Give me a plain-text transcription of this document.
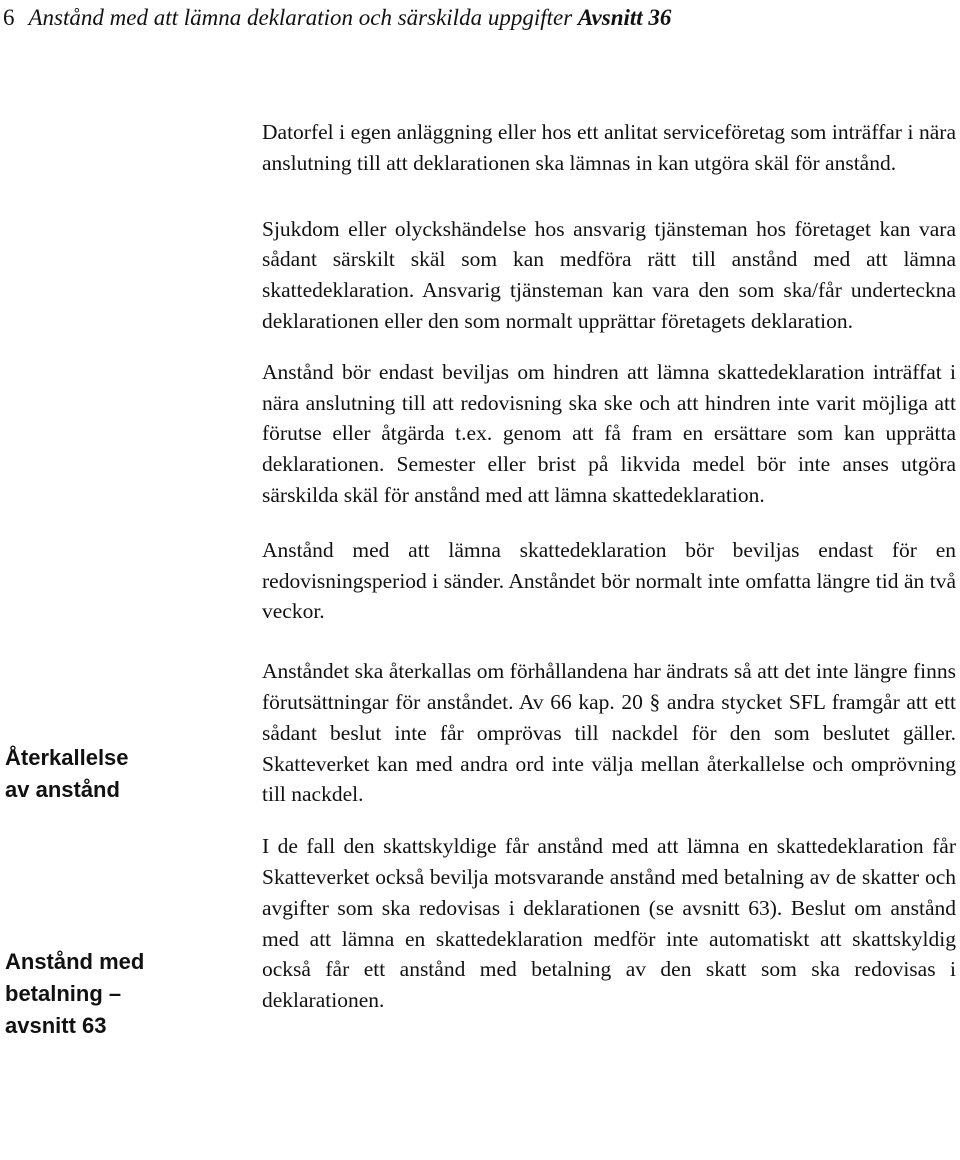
6 Anstånd med att lämna deklaration och särskilda uppgifter Avsnitt 36
Återkallelse
av anstånd
Anstånd med
betalning –
avsnitt 63

Datorfel i egen anläggning eller hos ett anlitat serviceföretag som inträffar i nära anslutning till att deklarationen ska lämnas in kan utgöra skäl för anstånd.

Sjukdom eller olyckshändelse hos ansvarig tjänsteman hos företaget kan vara sådant särskilt skäl som kan medföra rätt till anstånd med att lämna skattedeklaration. Ansvarig tjänsteman kan vara den som ska/får underteckna deklarationen eller den som normalt upprättar företagets deklaration.

Anstånd bör endast beviljas om hindren att lämna skattedeklaration inträffat i nära anslutning till att redovisning ska ske och att hindren inte varit möjliga att förutse eller åtgärda t.ex. genom att få fram en ersättare som kan upprätta deklarationen. Semester eller brist på likvida medel bör inte anses utgöra särskilda skäl för anstånd med att lämna skattedeklaration.

Anstånd med att lämna skattedeklaration bör beviljas endast för en redovisningsperiod i sänder. Anståndet bör normalt inte omfatta längre tid än två veckor.

Anståndet ska återkallas om förhållandena har ändrats så att det inte längre finns förutsättningar för anståndet. Av 66 kap. 20 § andra stycket SFL framgår att ett sådant beslut inte får omprövas till nackdel för den som beslutet gäller. Skatteverket kan med andra ord inte välja mellan återkallelse och omprövning till nackdel.

I de fall den skattskyldige får anstånd med att lämna en skattedeklaration får Skatteverket också bevilja motsvarande anstånd med betalning av de skatter och avgifter som ska redovisas i deklarationen (se avsnitt 63). Beslut om anstånd med att lämna en skattedeklaration medför inte automatiskt att skattskyldig också får ett anstånd med betalning av den skatt som ska redovisas i deklarationen.
